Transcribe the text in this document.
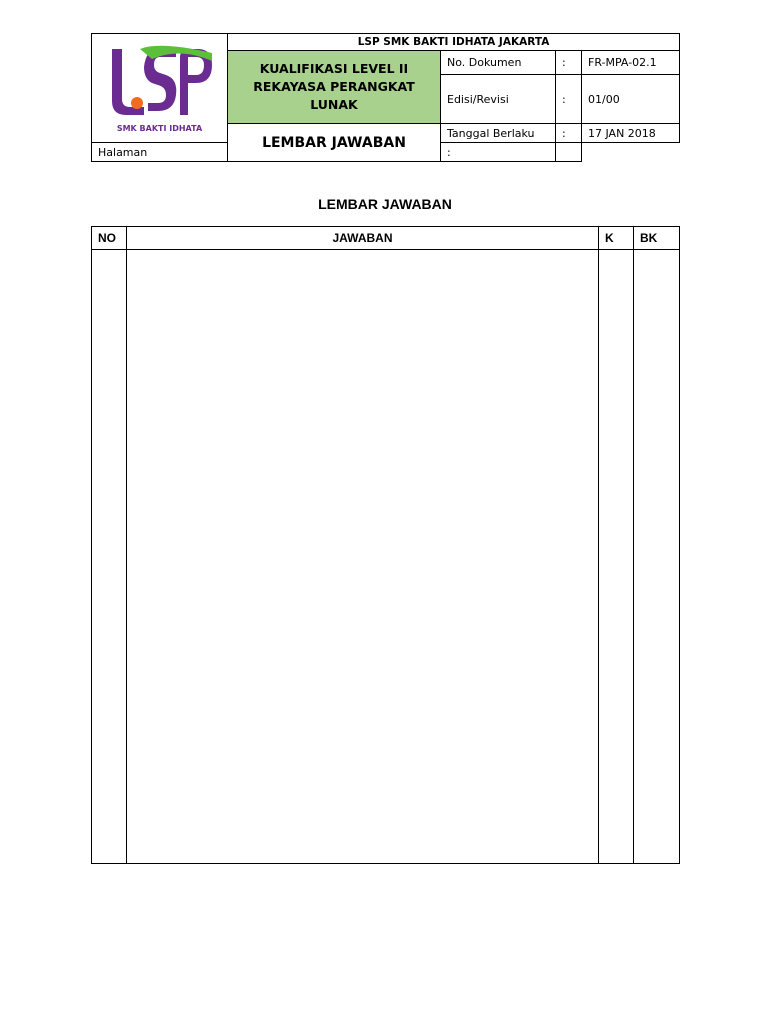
LSP
SMK BAKTI IDHATA	LSP SMK BAKTI IDHATA JAKARTA			
	KUALIFIKASI LEVEL II REKAYASA PERANGKAT LUNAK	No. Dokumen	:	FR-MPA-02.1
		Edisi/Revisi	:	01/00
	LEMBAR JAWABAN	Tanggal Berlaku	:	17 JAN 2018
Halaman		:		
LEMBAR JAWABAN
NO	JAWABAN	K	BK
